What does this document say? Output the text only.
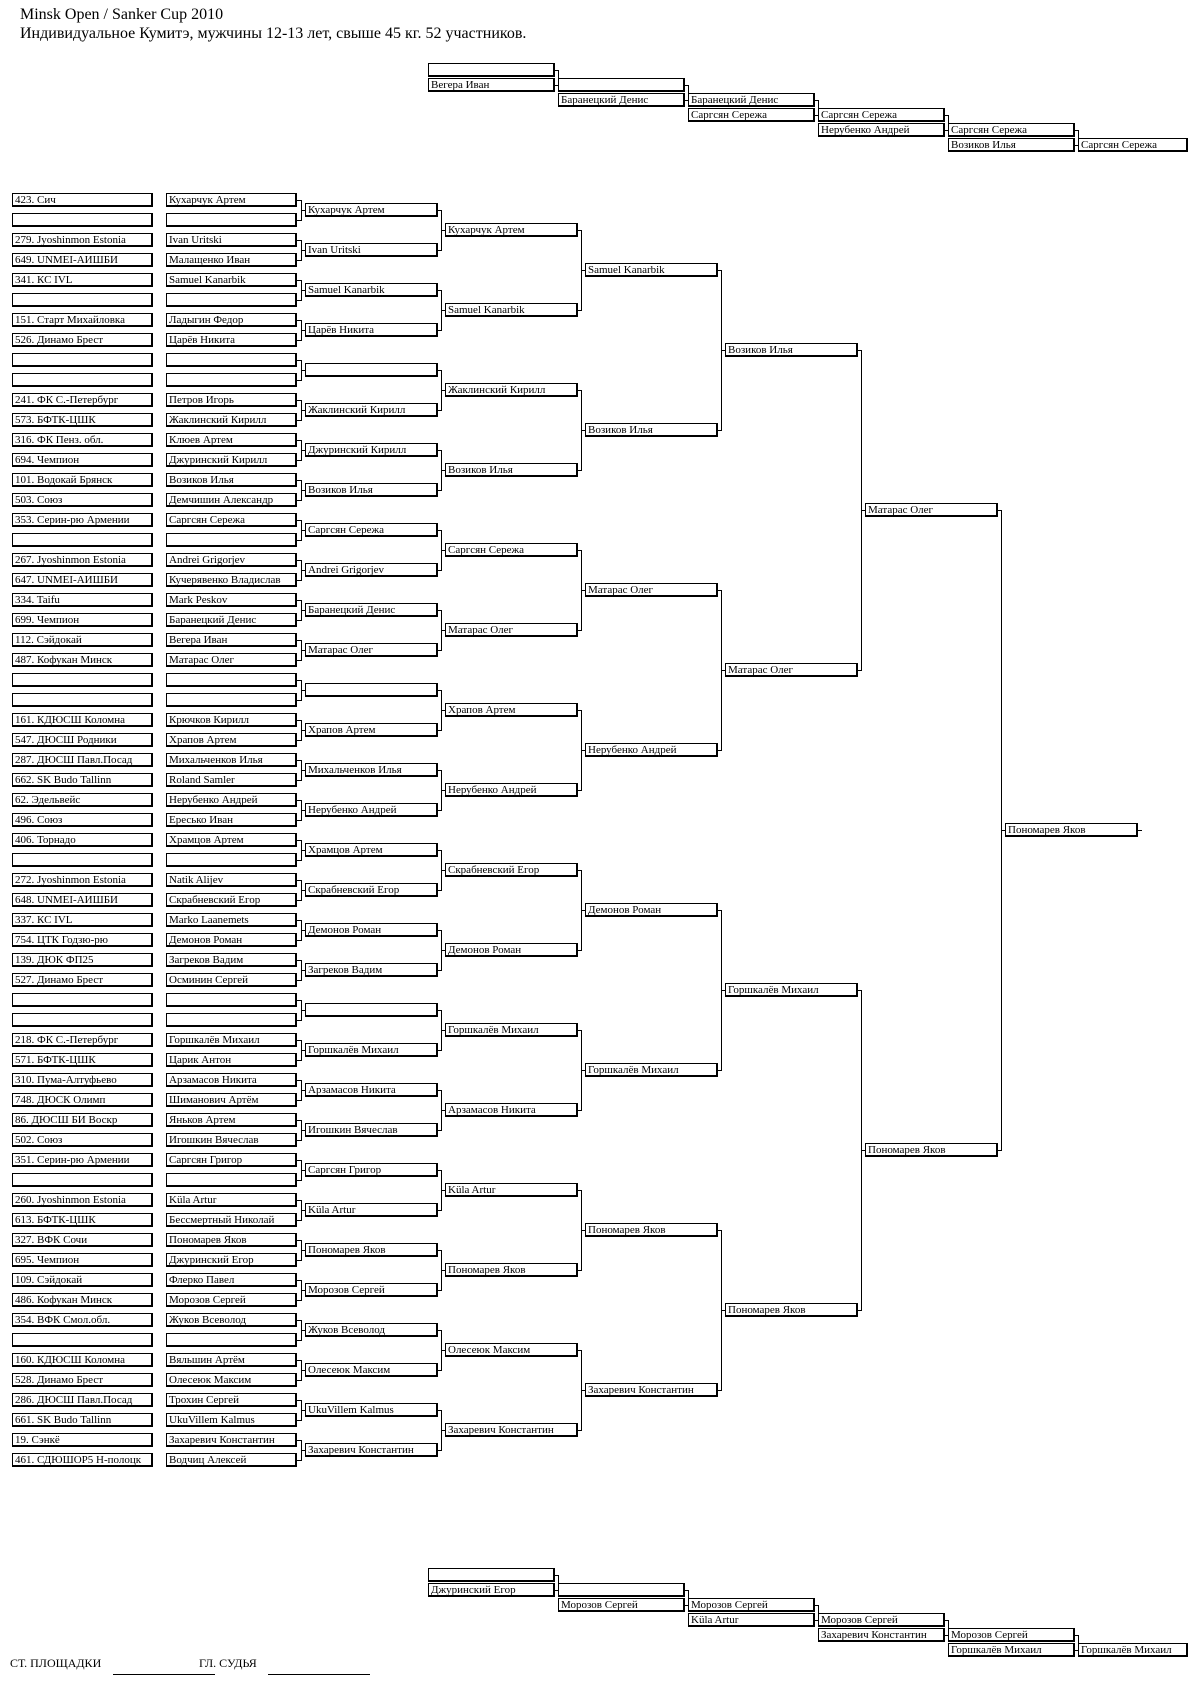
Minsk Open / Sanker Cup 2010
Индивидуальное Кумитэ, мужчины 12-13 лет, свыше 45 кг. 52 участников.
423. Сич
279. Jyoshinmon Estonia
649. UNMEI-АИШБИ
341. КС IVL
151. Старт Михайловка
526. Динамо Брест
241. ФК С.-Петербург
573. БФТК-ЦШК
316. ФК Пенз. обл.
694. Чемпион
101. Водокай Брянск
503. Союз
353. Серин-рю Армении
267. Jyoshinmon Estonia
647. UNMEI-АИШБИ
334. Taifu
699. Чемпион
112. Сэйдокай
487. Кофукан Минск
161. КДЮСШ Коломна
547. ДЮСШ Родники
287. ДЮСШ Павл.Посад
662. SK Budo Tallinn
62. Эдельвейс
496. Союз
406. Торнадо
272. Jyoshinmon Estonia
648. UNMEI-АИШБИ
337. КС IVL
754. ЦТК Годзю-рю
139. ДЮК ФП25
527. Динамо Брест
218. ФК С.-Петербург
571. БФТК-ЦШК
310. Пума-Алтуфьево
748. ДЮСК Олимп
86. ДЮСШ БИ Воскр
502. Союз
351. Серин-рю Армении
260. Jyoshinmon Estonia
613. БФТК-ЦШК
327. ВФК Сочи
695. Чемпион
109. Сэйдокай
486. Кофукан Минск
354. ВФК Смол.обл.
160. КДЮСШ Коломна
528. Динамо Брест
286. ДЮСШ Павл.Посад
661. SK Budo Tallinn
19. Сэнкё
461. СДЮШОР5 Н-полоцк
Кухарчук Артем
Ivan Uritski
Малащенко Иван
Samuel Kanarbik
Ладыгин Федор
Царёв Никита
Петров Игорь
Жаклинский Кирилл
Клюев Артем
Джуринский Кирилл
Возиков Илья
Демчишин Александр
Саргсян Сережа
Andrei Grigorjev
Кучерявенко Владислав
Mark Peskov
Баранецкий Денис
Вегера Иван
Матарас Олег
Крючков Кирилл
Храпов Артем
Михальченков Илья
Roland Samler
Нерубенко Андрей
Ересько Иван
Храмцов Артем
Natik Alijev
Скрабневский Егор
Marko Laanemets
Демонов Роман
Загреков Вадим
Осминин Сергей
Горшкалёв Михаил
Царик Антон
Арзамасов Никита
Шиманович Артём
Яньков Артем
Игошкин Вячеслав
Саргсян Григор
Küla Artur
Бессмертный Николай
Пономарев Яков
Джуринский Егор
Флерко Павел
Морозов Сергей
Жуков Всеволод
Вяльшин Артём
Олесеюк Максим
Трохин Сергей
UkuVillem Kalmus
Захаревич Константин
Водчиц Алексей
Кухарчук Артем
Ivan Uritski
Samuel Kanarbik
Царёв Никита
Жаклинский Кирилл
Джуринский Кирилл
Возиков Илья
Саргсян Сережа
Andrei Grigorjev
Баранецкий Денис
Матарас Олег
Храпов Артем
Михальченков Илья
Нерубенко Андрей
Храмцов Артем
Скрабневский Егор
Демонов Роман
Загреков Вадим
Горшкалёв Михаил
Арзамасов Никита
Игошкин Вячеслав
Саргсян Григор
Küla Artur
Пономарев Яков
Морозов Сергей
Жуков Всеволод
Олесеюк Максим
UkuVillem Kalmus
Захаревич Константин
Кухарчук Артем
Samuel Kanarbik
Жаклинский Кирилл
Возиков Илья
Саргсян Сережа
Матарас Олег
Храпов Артем
Нерубенко Андрей
Скрабневский Егор
Демонов Роман
Горшкалёв Михаил
Арзамасов Никита
Küla Artur
Пономарев Яков
Олесеюк Максим
Захаревич Константин
Samuel Kanarbik
Возиков Илья
Матарас Олег
Нерубенко Андрей
Демонов Роман
Горшкалёв Михаил
Пономарев Яков
Захаревич Константин
Возиков Илья
Матарас Олег
Горшкалёв Михаил
Пономарев Яков
Матарас Олег
Пономарев Яков
Пономарев Яков
Вегера Иван
Баранецкий Денис	Баранецкий Денис
Саргсян Сережа	Саргсян Сережа
Нерубенко Андрей	Саргсян Сережа
Возиков Илья	Саргсян Сережа
Джуринский Егор
Морозов Сергей	Морозов Сергей
Küla Artur	Морозов Сергей
Захаревич Константин	Морозов Сергей
Горшкалёв Михаил	Горшкалёв Михаил
СТ. ПЛОЩАДКИ	ГЛ. СУДЬЯ
